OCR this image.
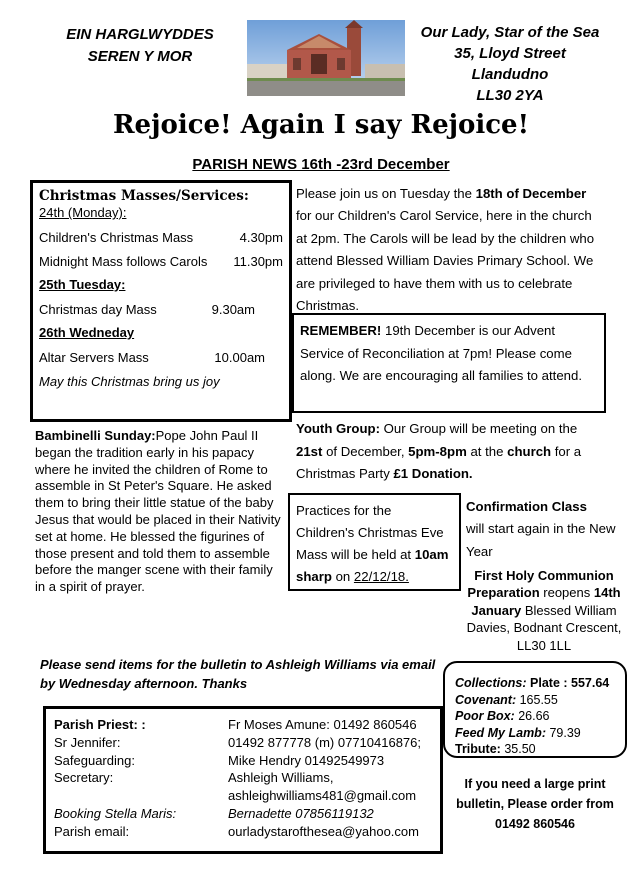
EIN HARGLWYDDES
SEREN Y MOR
Our Lady, Star of the Sea
35, Lloyd Street
Llandudno
LL30 2YA
Rejoice! Again I say Rejoice!
PARISH NEWS 16th -23rd December
Christmas Masses/Services:
24th (Monday):
Children's Christmas Mass	4.30pm
Midnight Mass follows Carols 11.30pm
25th Tuesday:
Christmas day Mass	9.30am
26th Wedneday
Altar Servers Mass	10.00am
May this Christmas bring us joy
Please join us on Tuesday the 18th of December for our Children's Carol Service, here in the church at 2pm. The Carols will be lead by the children who attend Blessed William Davies Primary School. We are privileged to have them with us to celebrate Christmas.
REMEMBER! 19th December is our Advent Service of Reconciliation at 7pm! Please come along. We are encouraging all families to attend.
Youth Group: Our Group will be meeting on the 21st of December, 5pm-8pm at the church for a Christmas Party £1 Donation.
Bambinelli Sunday:Pope John Paul II began the tradition early in his papacy where he invited the children of Rome to assemble in St Peter's Square. He asked them to bring their little statue of the baby Jesus that would be placed in their Nativity set at home. He blessed the figurines of those present and told them to assemble before the manger scene with their family in a spirit of prayer.
Practices for the Children's Christmas Eve Mass will be held at 10am sharp on 22/12/18.
Confirmation Class
will start again in the New Year
First Holy Communion Preparation reopens 14th January Blessed William Davies, Bodnant Crescent, LL30 1LL
Please send items for the bulletin to Ashleigh Williams via email by Wednesday afternoon. Thanks	Collections: Plate : 557.64
Covenant: 165.55
Poor Box: 26.66
Feed My Lamb: 79.39
Tribute: 35.50
If you need a large print bulletin, Please order from 01492 860546
Parish Priest: :	Fr Moses Amune: 01492 860546
Sr Jennifer:	01492 877778 (m) 07710416876;
Safeguarding:	Mike Hendry 01492549973
Secretary:	Ashleigh Williams, ashleighwilliams481@gmail.com
Booking Stella Maris:	Bernadette 07856119132
Parish email:	ourladystaroftheseа@yahoo.com
